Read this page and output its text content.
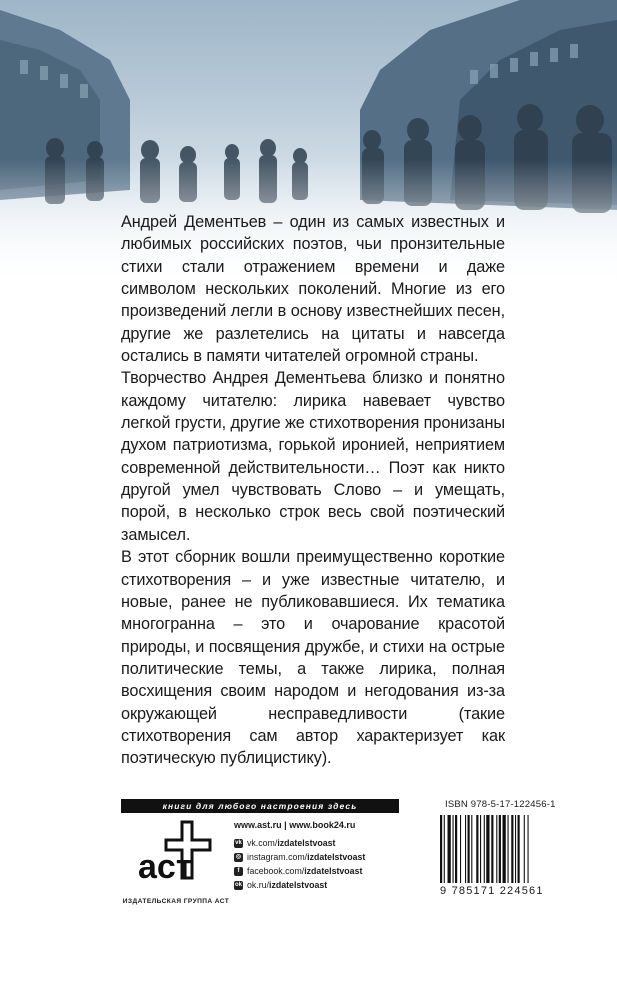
Андрей Дементьев – один из самых известных и любимых российских поэтов, чьи пронзительные стихи стали отражением времени и даже символом нескольких поколений. Многие из его произведений легли в основу известнейших песен, другие же разлетелись на цитаты и навсегда остались в памяти читателей огромной страны.

Творчество Андрея Дементьева близко и понятно каждому читателю: лирика навевает чувство легкой грусти, другие же стихотворения пронизаны духом патриотизма, горькой иронией, неприятием современной действительности… Поэт как никто другой умел чувствовать Слово – и умещать, порой, в несколько строк весь свой поэтический замысел.

В этот сборник вошли преимущественно короткие стихотворения – и уже известные читателю, и новые, ранее не публиковавшиеся. Их тематика многогранна – это и очарование красотой природы, и посвящения дружбе, и стихи на острые политические темы, а также лирика, полная восхищения своим народом и негодования из-за окружающей несправедливости (такие стихотворения сам автор характеризует как поэтическую публицистику).

книги для любого настроения здесь
аст
ИЗДАТЕЛЬСКАЯ ГРУППА АСТ
www.ast.ru | www.book24.ru
vk vk.com/ izdatelstvoast
◎ instagram.com/ izdatelstvoast
f facebook.com/ izdatelstvoast
ok ok.ru/ izdatelstvoast
ISBN 978-5-17-122456-1
9 785171 224561
